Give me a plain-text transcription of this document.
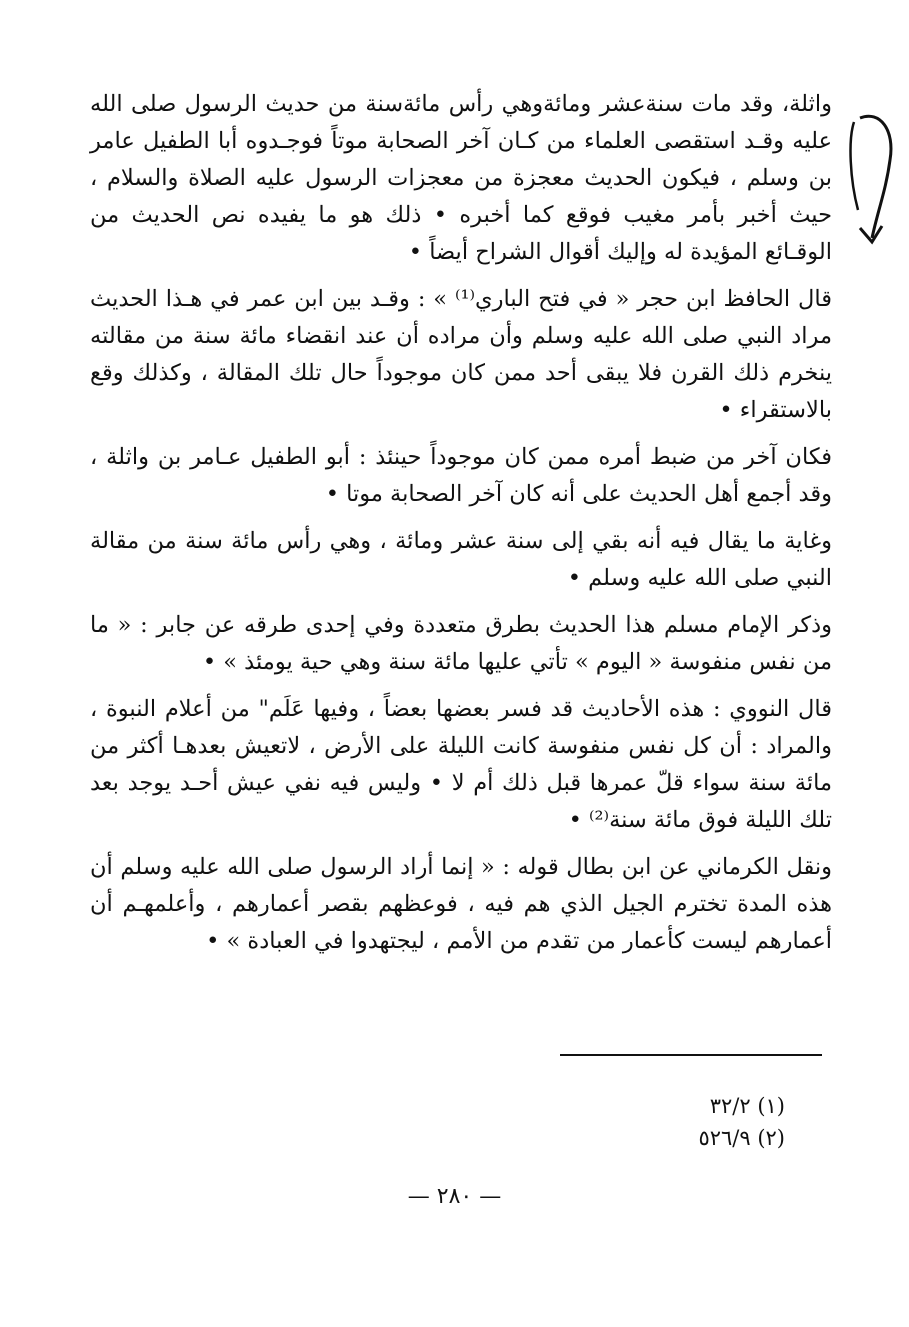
واثلة، وقد مات سنةعشر ومائةوهي رأس مائةسنة من حديث الرسول صلى الله عليه وقـد استقصى العلماء من كـان آخر الصحابة موتاً فوجـدوه أبا الطفيل عامر بن وسلم ، فيكون الحديث معجزة من معجزات الرسول عليه الصلاة والسلام ، حيث أخبر بأمر مغيب فوقع كما أخبره • ذلك هو ما يفيده نص الحديث من الوقـائع المؤيدة له وإليك أقوال الشراح أيضاً •

قال الحافظ ابن حجر « في فتح الباري⁽¹⁾ » : وقـد بين ابن عمر في هـذا الحديث مراد النبي صلى الله عليه وسلم وأن مراده أن عند انقضاء مائة سنة من مقالته ينخرم ذلك القرن فلا يبقى أحد ممن كان موجوداً حال تلك المقالة ، وكذلك وقع بالاستقراء •

فكان آخر من ضبط أمره ممن كان موجوداً حينئذ : أبو الطفيل عـامر بن واثلة ، وقد أجمع أهل الحديث على أنه كان آخر الصحابة موتا •

وغاية ما يقال فيه أنه بقي إلى سنة عشر ومائة ، وهي رأس مائة سنة من مقالة النبي صلى الله عليه وسلم •

وذكر الإمام مسلم هذا الحديث بطرق متعددة وفي إحدى طرقه عن جابر : « ما من نفس منفوسة « اليوم » تأتي عليها مائة سنة وهي حية يومئذ » •

قال النووي : هذه الأحاديث قد فسر بعضها بعضاً ، وفيها عَلَم" من أعلام النبوة ، والمراد : أن كل نفس منفوسة كانت الليلة على الأرض ، لاتعيش بعدهـا أكثر من مائة سنة سواء قلّ عمرها قبل ذلك أم لا • وليس فيه نفي عيش أحـد يوجد بعد تلك الليلة فوق مائة سنة⁽²⁾ •

ونقل الكرماني عن ابن بطال قوله : « إنما أراد الرسول صلى الله عليه وسلم أن هذه المدة تخترم الجيل الذي هم فيه ، فوعظهم بقصر أعمارهم ، وأعلمهـم أن أعمارهم ليست كأعمار من تقدم من الأمم ، ليجتهدوا في العبادة » •

(١) ٣٢/٢
(٢) ٥٢٦/٩
— ٢٨٠ —
